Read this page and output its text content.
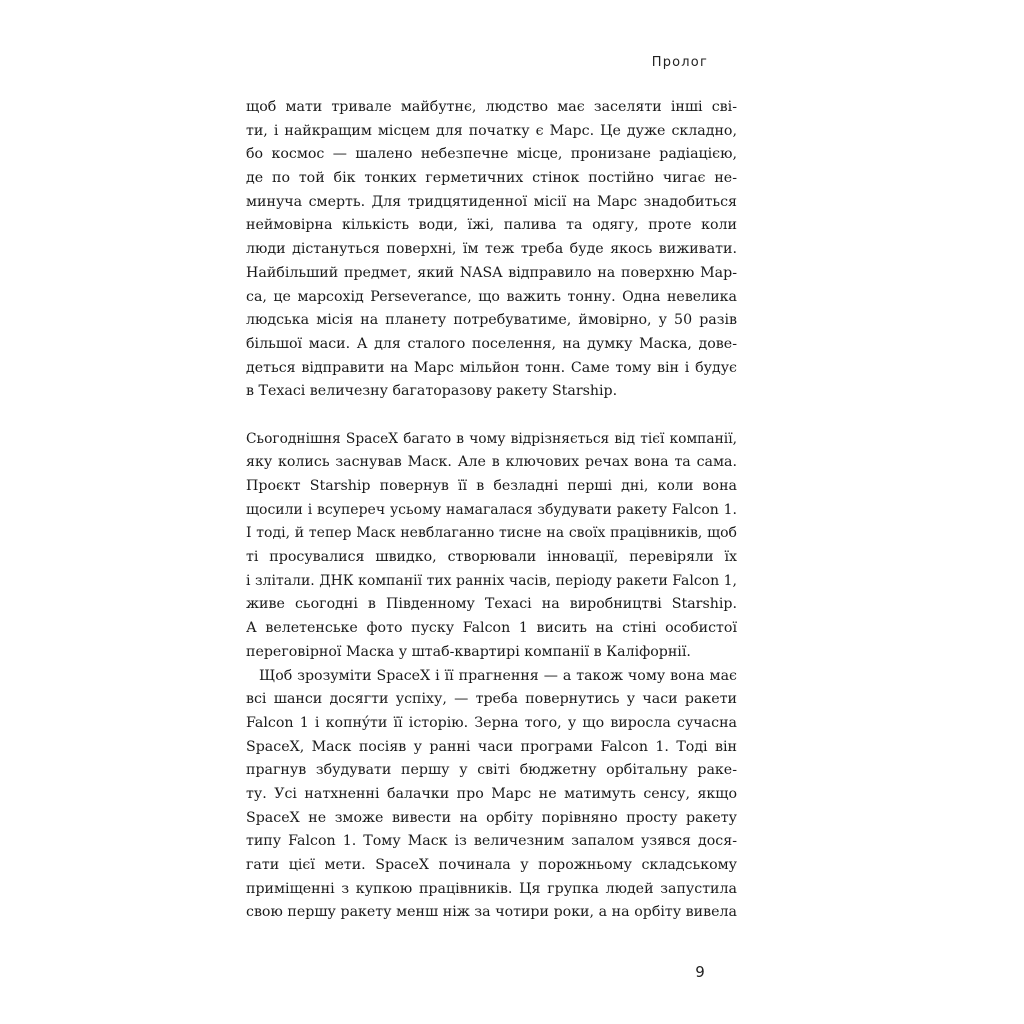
Пролог
щоб мати тривале майбутнє, людство має заселяти інші сві-
ти, і найкращим місцем для початку є Марс. Це дуже складно,
бо космос — шалено небезпечне місце, пронизане радіацією,
де по той бік тонких герметичних стінок постійно чигає не-
минуча смерть. Для тридцятиденної місії на Марс знадобиться
неймовірна кількість води, їжі, палива та одягу, проте коли
люди дістануться поверхні, їм теж треба буде якось виживати.
Найбільший предмет, який NASA відправило на поверхню Мар-
са, це марсохід Perseverance, що важить тонну. Одна невелика
людська місія на планету потребуватиме, ймовірно, у 50 разів
більшої маси. А для сталого поселення, на думку Маска, дове-
деться відправити на Марс мільйон тонн. Саме тому він і будує
в Техасі величезну багаторазову ракету Starship.
Сьогоднішня SpaceX багато в чому відрізняється від тієї компанії,
яку колись заснував Маск. Але в ключових речах вона та сама.
Проєкт Starship повернув її в безладні перші дні, коли вона
щосили і всупереч усьому намагалася збудувати ракету Falcon 1.
І тоді, й тепер Маск невблаганно тисне на своїх працівників, щоб
ті просувалися швидко, створювали інновації, перевіряли їх
і злітали. ДНК компанії тих ранніх часів, періоду ракети Falcon 1,
живе сьогодні в Південному Техасі на виробництві Starship.
А велетенське фото пуску Falcon 1 висить на стіні особистої
переговірної Маска у штаб-квартирі компанії в Каліфорнії.
Щоб зрозуміти SpaceX і її прагнення — а також чому вона має
всі шанси досягти успіху, — треба повернутись у часи ракети
Falcon 1 і копнýти її історію. Зерна того, у що виросла сучасна
SpaceX, Маск посіяв у ранні часи програми Falcon 1. Тоді він
прагнув збудувати першу у світі бюджетну орбітальну раке-
ту. Усі натхненні балачки про Марс не матимуть сенсу, якщо
SpaceX не зможе вивести на орбіту порівняно просту ракету
типу Falcon 1. Тому Маск із величезним запалом узявся дося-
гати цієї мети. SpaceX починала у порожньому складському
приміщенні з купкою працівників. Ця групка людей запустила
свою першу ракету менш ніж за чотири роки, а на орбіту вивела
9
